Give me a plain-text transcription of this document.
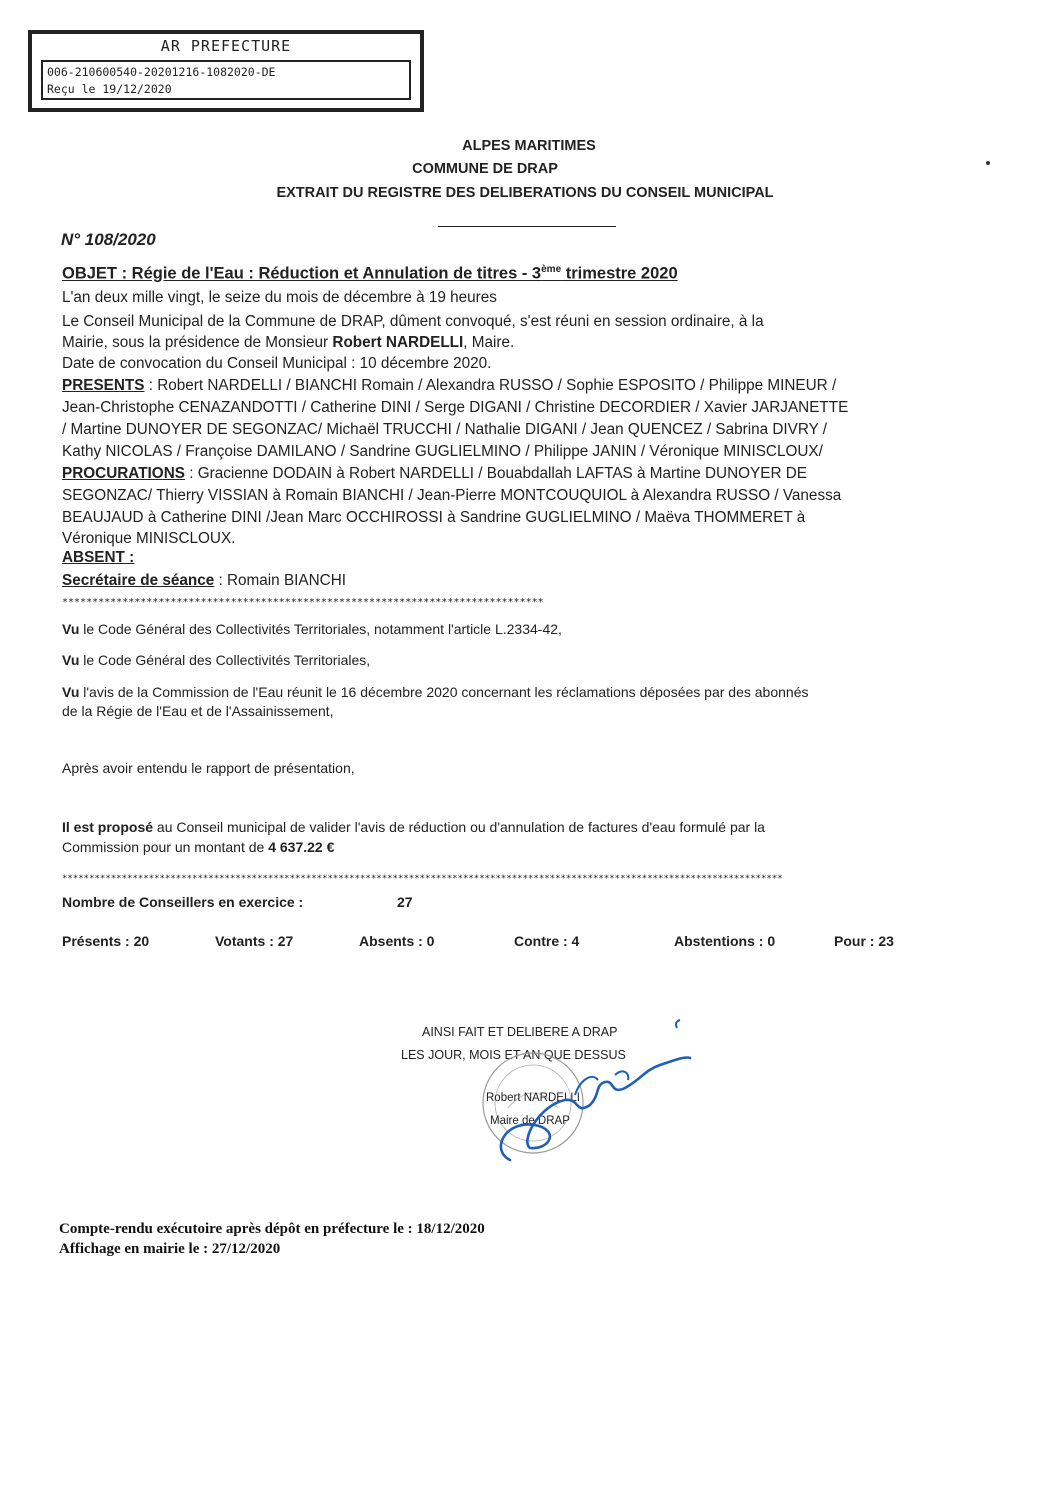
AR PREFECTURE
006-210600540-20201216-1082020-DE
Reçu le 19/12/2020
ALPES MARITIMES
COMMUNE DE DRAP
EXTRAIT DU REGISTRE DES DELIBERATIONS DU CONSEIL MUNICIPAL
N° 108/2020
OBJET : Régie de l'Eau : Réduction et Annulation de titres - 3ème trimestre 2020
L'an deux mille vingt, le seize du mois de décembre à 19 heures
Le Conseil Municipal de la Commune de DRAP, dûment convoqué, s'est réuni en session ordinaire, à la
Mairie, sous la présidence de Monsieur Robert NARDELLI, Maire.
Date de convocation du Conseil Municipal : 10 décembre 2020.
PRESENTS : Robert NARDELLI / BIANCHI Romain / Alexandra RUSSO / Sophie ESPOSITO / Philippe MINEUR /
Jean-Christophe CENAZANDOTTI / Catherine DINI / Serge DIGANI / Christine DECORDIER / Xavier JARJANETTE
/ Martine DUNOYER DE SEGONZAC/ Michaël TRUCCHI / Nathalie DIGANI / Jean QUENCEZ / Sabrina DIVRY /
Kathy NICOLAS / Françoise DAMILANO / Sandrine GUGLIELMINO / Philippe JANIN / Véronique MINISCLOUX/
PROCURATIONS : Gracienne DODAIN à Robert NARDELLI / Bouabdallah LAFTAS à Martine DUNOYER DE
SEGONZAC/ Thierry VISSIAN à Romain BIANCHI / Jean-Pierre MONTCOUQUIOL à Alexandra RUSSO / Vanessa
BEAUJAUD à Catherine DINI /Jean Marc OCCHIROSSI à Sandrine GUGLIELMINO / Maëva THOMMERET à
Véronique MINISCLOUX.
ABSENT :
Secrétaire de séance : Romain BIANCHI
********************************************************************************
Vu le Code Général des Collectivités Territoriales, notamment l'article L.2334-42,
Vu le Code Général des Collectivités Territoriales,
Vu l'avis de la Commission de l'Eau réunit le 16 décembre 2020 concernant les réclamations déposées par des abonnés
de la Régie de l'Eau et de l'Assainissement,
Après avoir entendu le rapport de présentation,
Il est proposé au Conseil municipal de valider l'avis de réduction ou d'annulation de factures d'eau formulé par la
Commission pour un montant de 4 637.22 €
*************************************************************************************************************************************
Nombre de Conseillers en exercice :	27
Présents : 20	Votants : 27	Absents : 0	Contre : 4	Abstentions : 0	Pour : 23
AINSI FAIT ET DELIBERE A DRAP
LES JOUR, MOIS ET AN QUE DESSUS
Robert NARDELLI
Maire de DRAP
Compte-rendu exécutoire après dépôt en préfecture le : 18/12/2020
Affichage en mairie le : 27/12/2020
